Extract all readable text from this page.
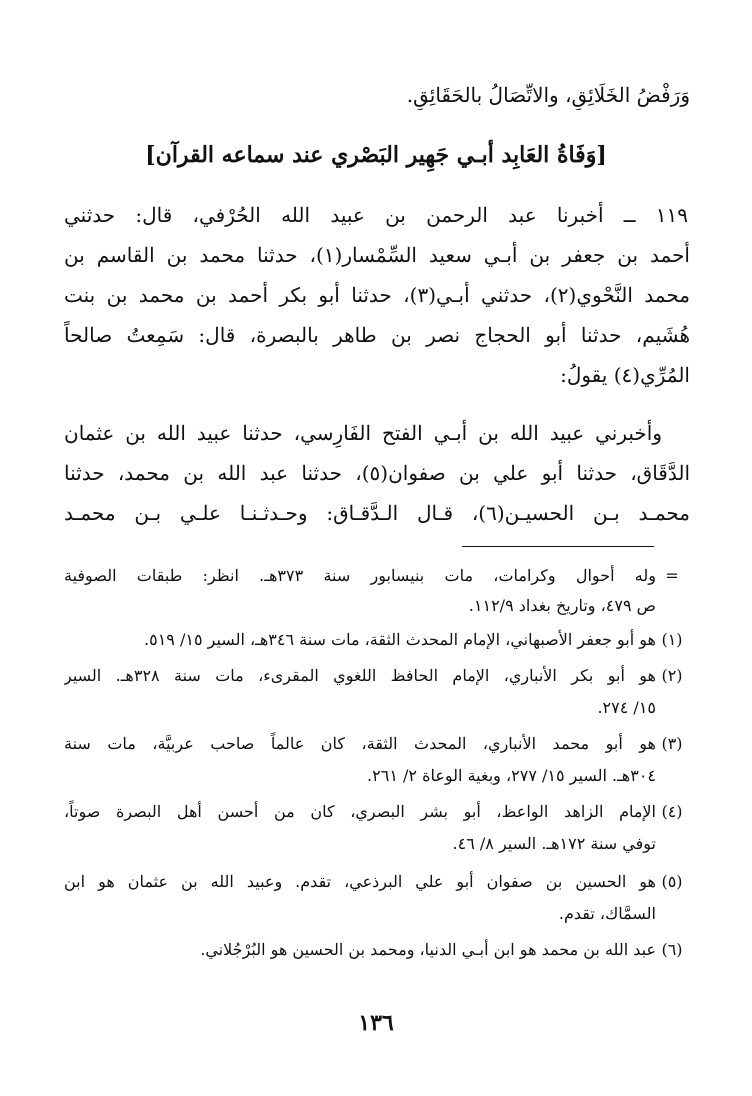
وَرَفْضُ الخَلَائِقِ، والاتِّصَالُ بالحَقَائِقِ.
[وَفَاةُ العَابِد أبـي جَهِير البَصْري عند سماعه القرآن]
١١٩ ــ أخبرنا عبد الرحمن بن عبيد الله الحُرْفي، قال: حدثني
أحمد بن جعفر بن أبـي سعيد السِّمْسار(١)، حدثنا محمد بن القاسم بن
محمد النَّحْوي(٢)، حدثني أبـي(٣)، حدثنا أبو بكر أحمد بن محمد بن بنت
هُشَيم، حدثنا أبو الحجاج نصر بن طاهر بالبصرة، قال: سَمِعتُ صالحاً
المُرِّي(٤) يقولُ:
وأخبرني عبيد الله بن أبـي الفتح الفَارِسي، حدثنا عبيد الله بن عثمان
الدَّقَاق، حدثنا أبو علي بن صفوان(٥)، حدثنا عبد الله بن محمد، حدثنا
محمـد بـن الحسيـن(٦)، قـال الـدَّقـاق: وحـدثـنـا علـي بـن محمـد
=
وله أحوال وكرامات، مات بنيسابور سنة ٣٧٣هـ. انظر: طبقات الصوفية
ص ٤٧٩، وتاريخ بغداد ١١٢/٩.
(١)
هو أبو جعفر الأصبهاني، الإمام المحدث الثقة، مات سنة ٣٤٦هـ، السير ١٥/ ٥١٩.
(٢)
هو أبو بكر الأنباري، الإمام الحافظ اللغوي المقرىء، مات سنة ٣٢٨هـ. السير
١٥/ ٢٧٤.
(٣)
هو أبو محمد الأنباري، المحدث الثقة، كان عالماً صاحب عربيَّة، مات سنة
٣٠٤هـ. السير ١٥/ ٢٧٧، وبغية الوعاة ٢/ ٢٦١.
(٤)
الإمام الزاهد الواعظ، أبو بشر البصري، كان من أحسن أهل البصرة صوتاً،
توفي سنة ١٧٢هـ. السير ٨/ ٤٦.
(٥)
هو الحسين بن صفوان أبو علي البرذعي، تقدم. وعبيد الله بن عثمان هو ابن
السمَّاك، تقدم.
(٦)
عبد الله بن محمد هو ابن أبـي الدنيا، ومحمد بن الحسين هو البُرْجُلاني.
١٣٦
